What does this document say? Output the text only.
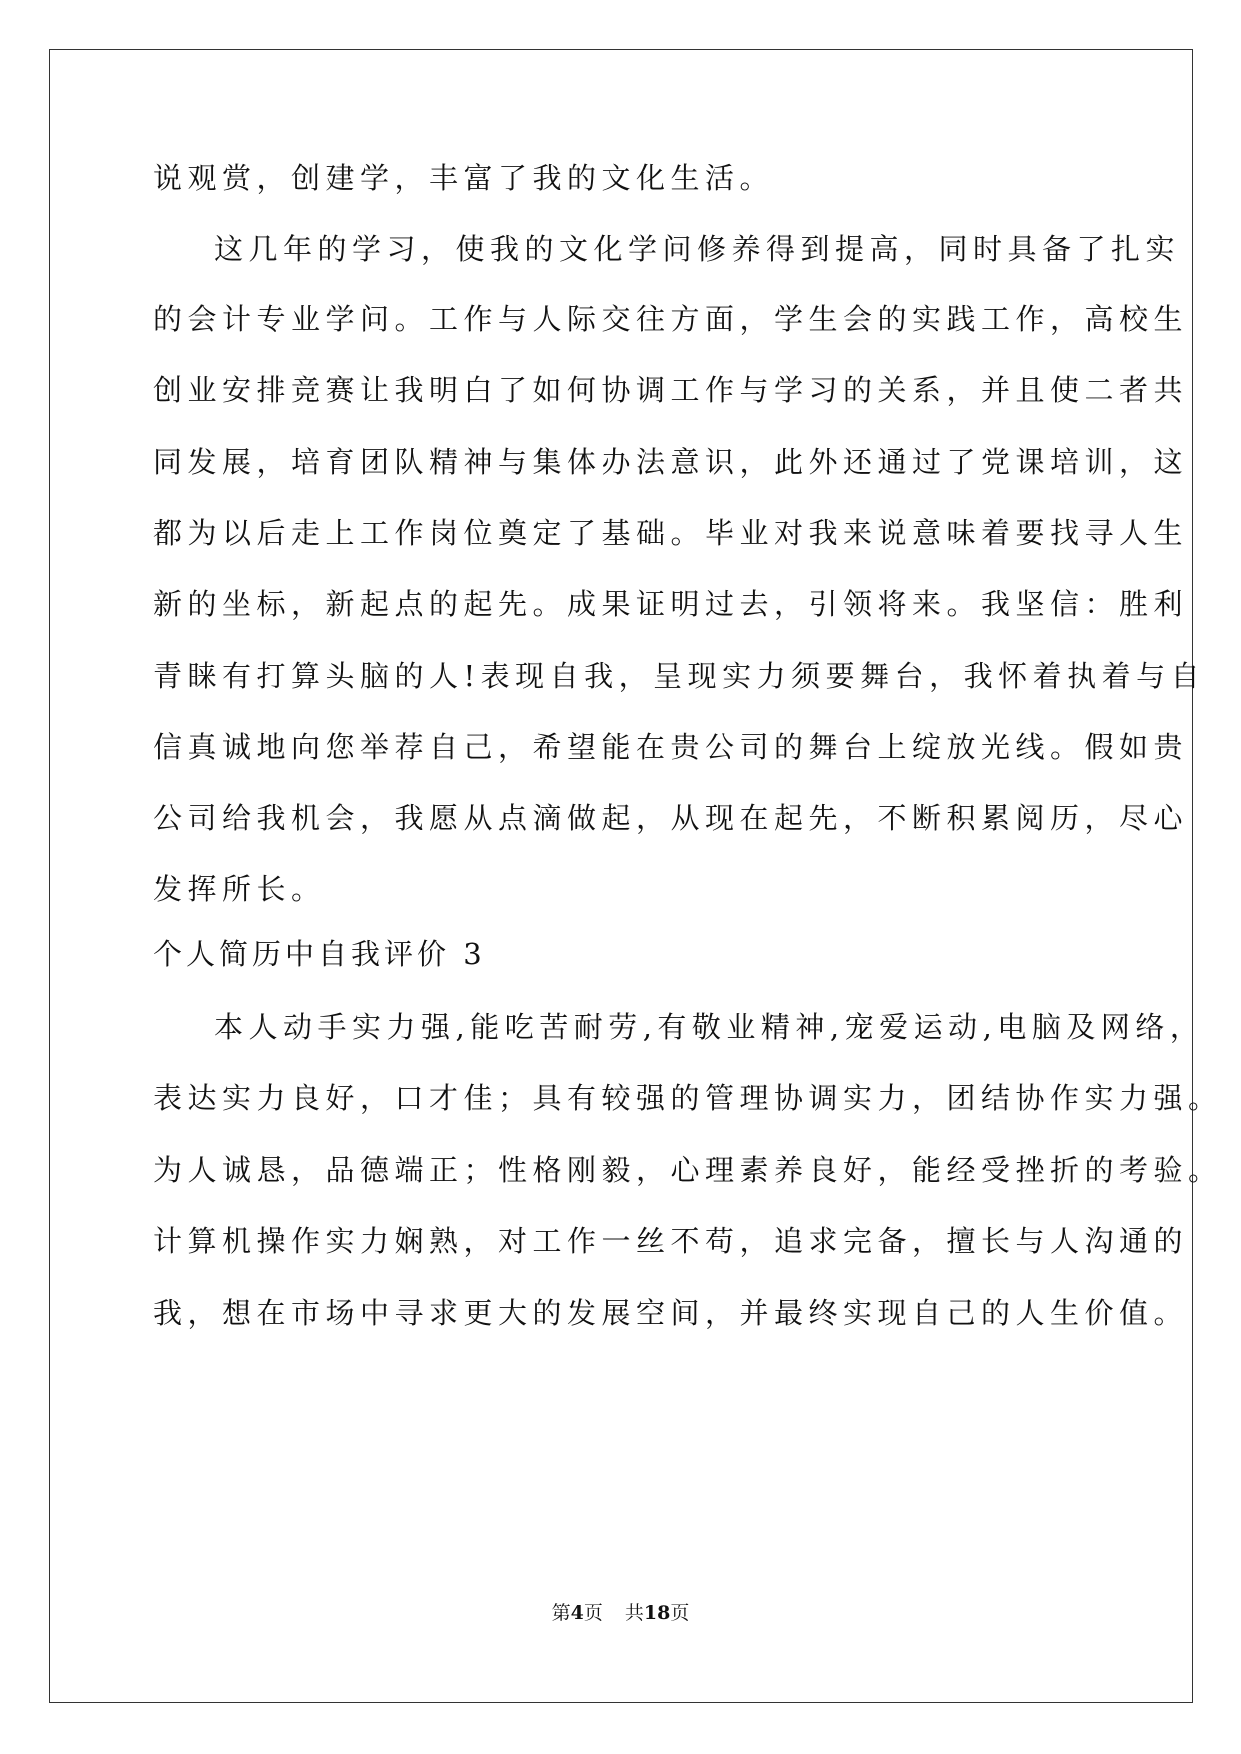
说观赏，创建学，丰富了我的文化生活。
这几年的学习，使我的文化学问修养得到提高，同时具备了扎实
的会计专业学问。工作与人际交往方面，学生会的实践工作，高校生
创业安排竞赛让我明白了如何协调工作与学习的关系，并且使二者共
同发展，培育团队精神与集体办法意识，此外还通过了党课培训，这
都为以后走上工作岗位奠定了基础。毕业对我来说意味着要找寻人生
新的坐标，新起点的起先。成果证明过去，引领将来。我坚信：胜利
青睐有打算头脑的人!表现自我，呈现实力须要舞台，我怀着执着与自
信真诚地向您举荐自己，希望能在贵公司的舞台上绽放光线。假如贵
公司给我机会，我愿从点滴做起，从现在起先，不断积累阅历，尽心
发挥所长。
个人简历中自我评价 3
本人动手实力强,能吃苦耐劳,有敬业精神,宠爱运动,电脑及网络，
表达实力良好，口才佳；具有较强的管理协调实力，团结协作实力强。
为人诚恳，品德端正；性格刚毅，心理素养良好，能经受挫折的考验。
计算机操作实力娴熟，对工作一丝不苟，追求完备，擅长与人沟通的
我，想在市场中寻求更大的发展空间，并最终实现自己的人生价值。
第4页 共18页
